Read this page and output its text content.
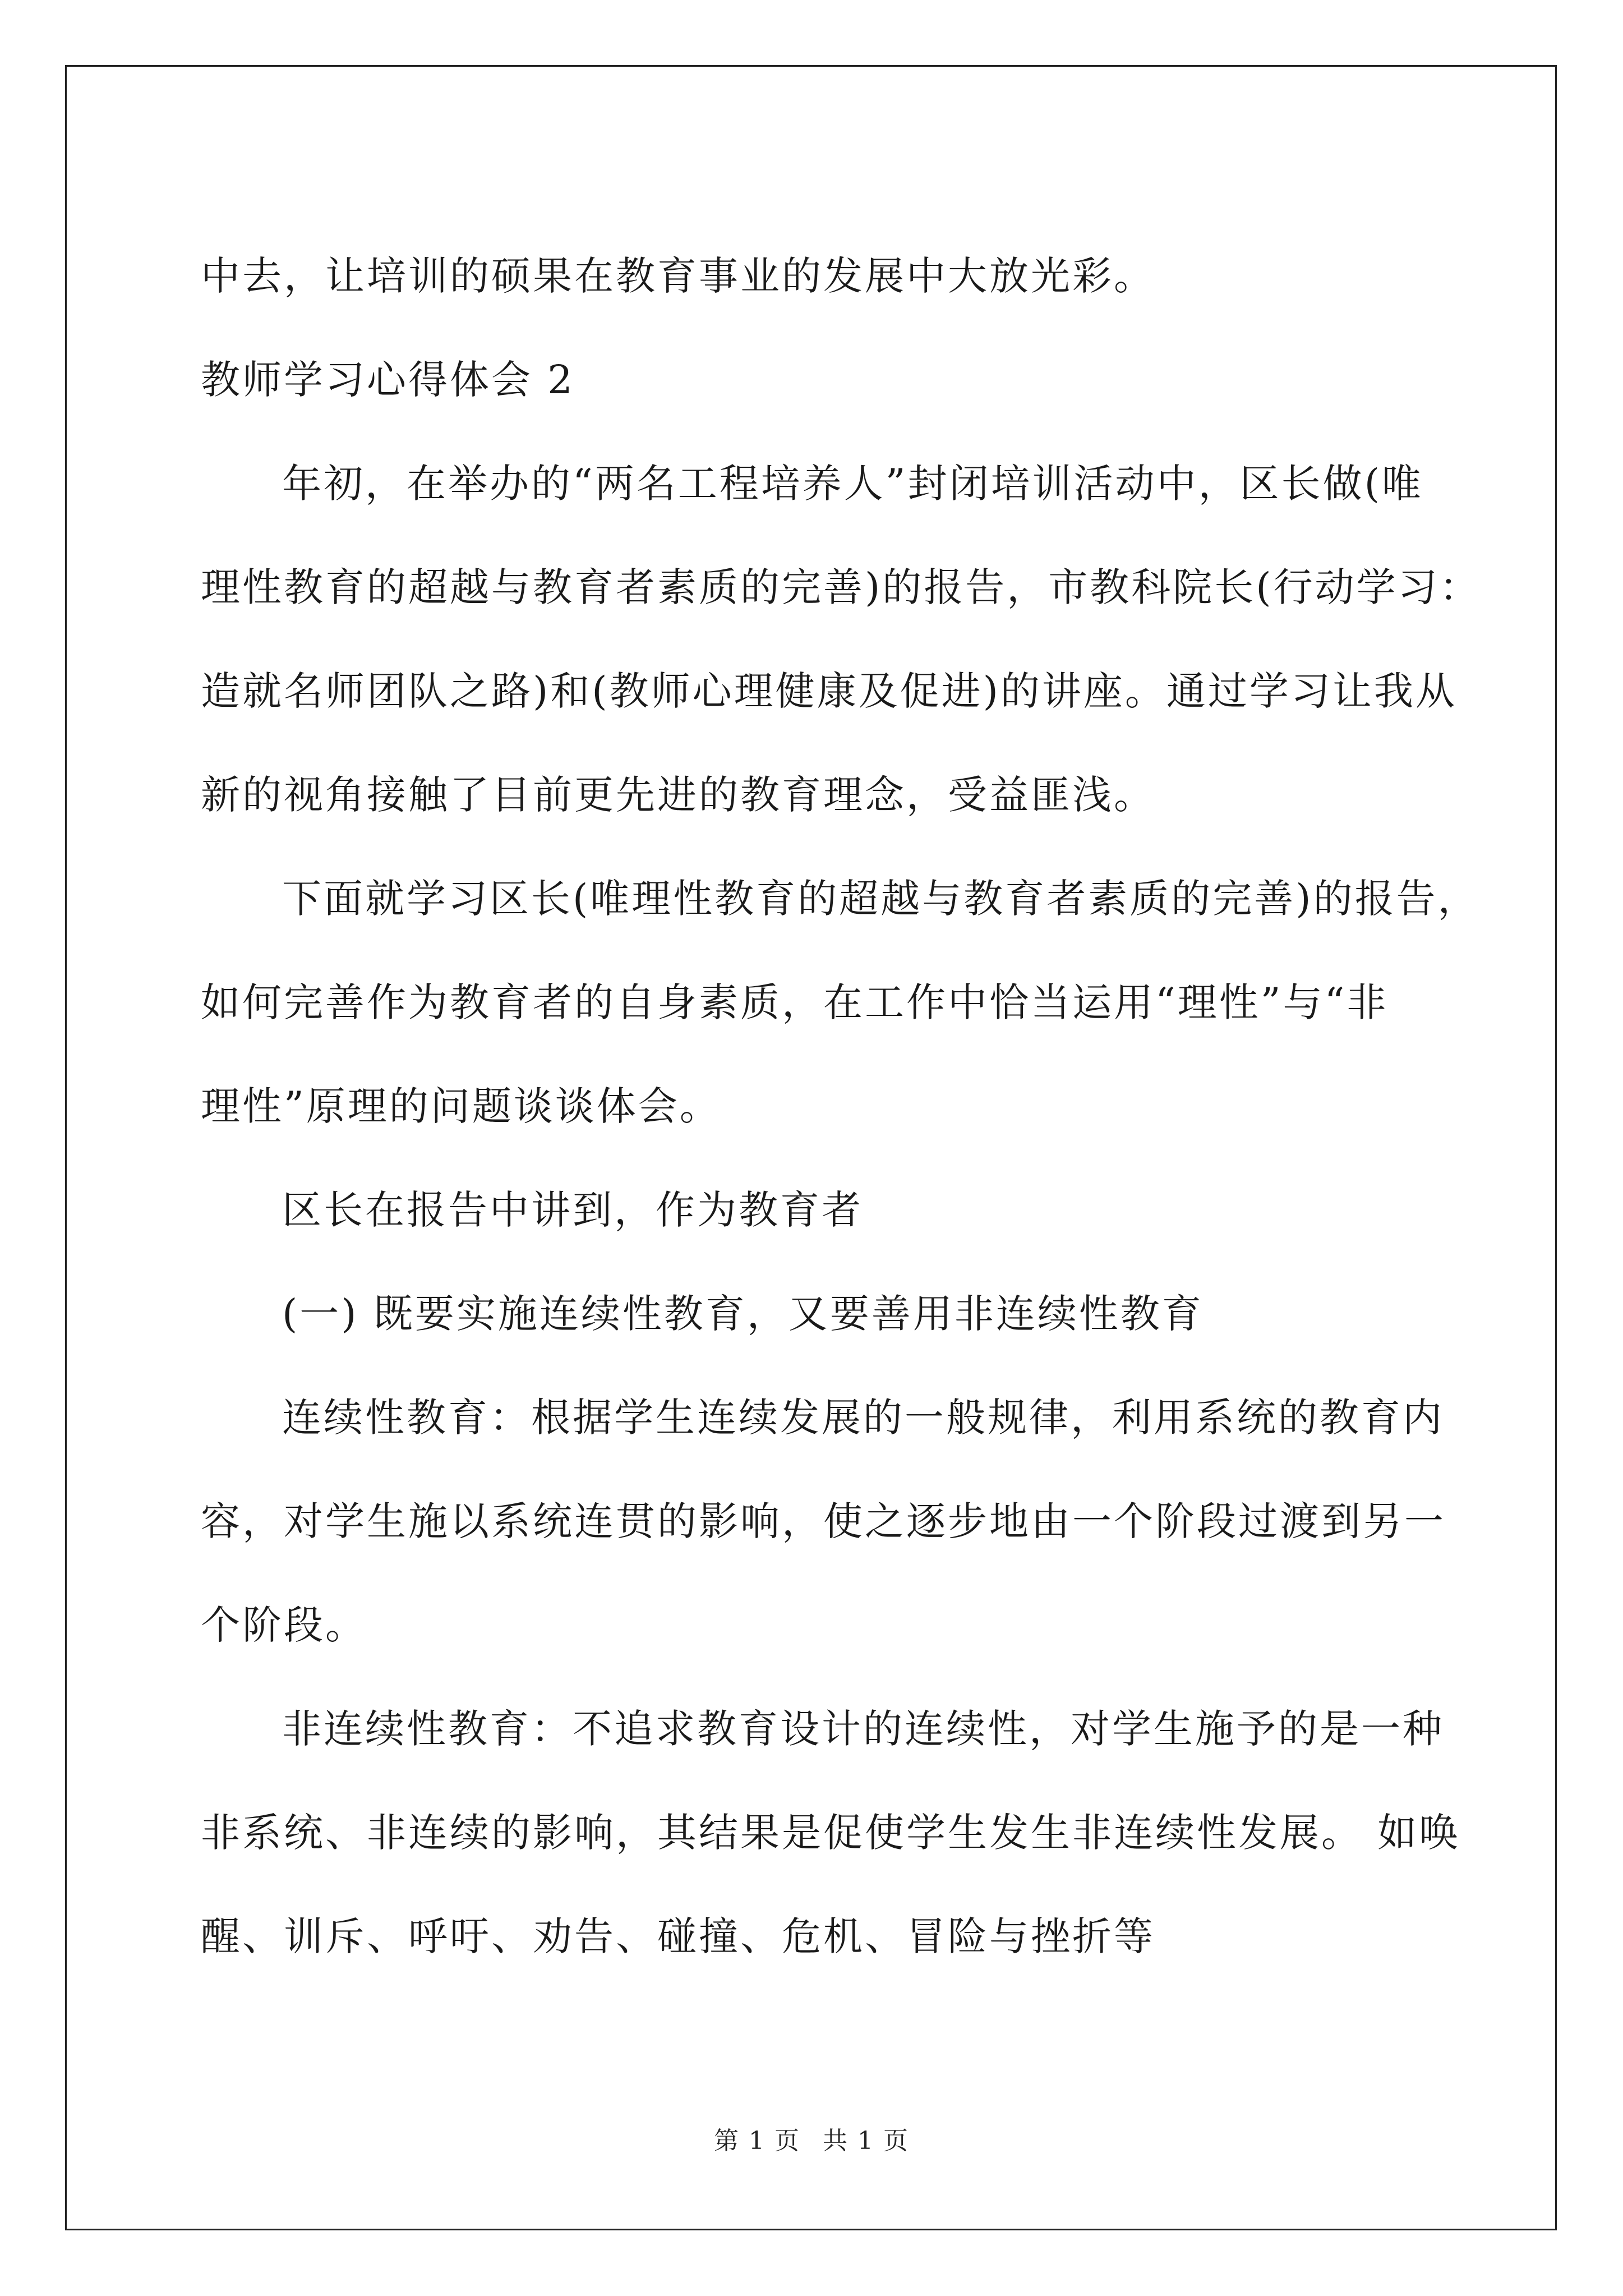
中去，让培训的硕果在教育事业的发展中大放光彩。

教师学习心得体会 2

年初，在举办的“两名工程培养人”封闭培训活动中，区长做(唯

理性教育的超越与教育者素质的完善)的报告，市教科院长(行动学习：

造就名师团队之路)和(教师心理健康及促进)的讲座。通过学习让我从

新的视角接触了目前更先进的教育理念，受益匪浅。

下面就学习区长(唯理性教育的超越与教育者素质的完善)的报告，

如何完善作为教育者的自身素质，在工作中恰当运用“理性”与“非

理性”原理的问题谈谈体会。

区长在报告中讲到，作为教育者

(一) 既要实施连续性教育，又要善用非连续性教育

连续性教育：根据学生连续发展的一般规律，利用系统的教育内

容，对学生施以系统连贯的影响，使之逐步地由一个阶段过渡到另一

个阶段。

非连续性教育：不追求教育设计的连续性，对学生施予的是一种

非系统、非连续的影响，其结果是促使学生发生非连续性发展。 如唤

醒、训斥、呼吁、劝告、碰撞、危机、冒险与挫折等

第 1 页 共 1 页
